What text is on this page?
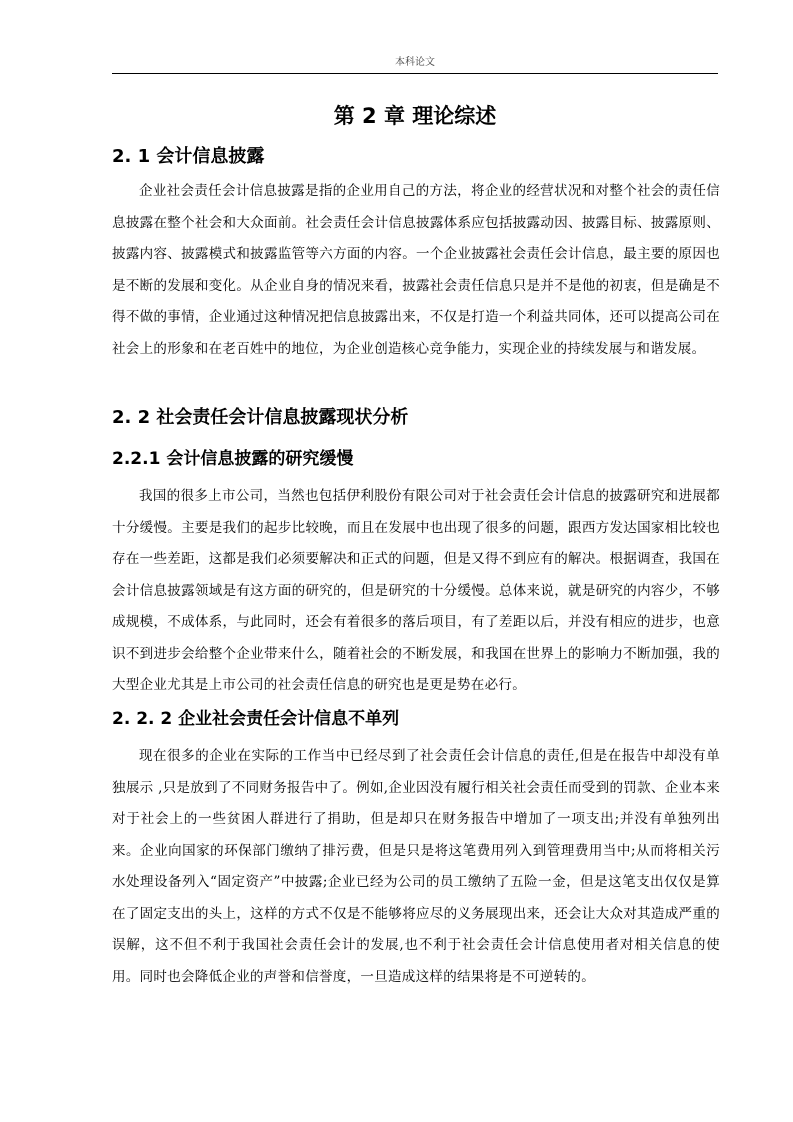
本科论文
第 2 章 理论综述
2. 1 会计信息披露

企业社会责任会计信息披露是指的企业用自己的方法，将企业的经营状况和对整个社会的责任信息披露在整个社会和大众面前。社会责任会计信息披露体系应包括披露动因、披露目标、披露原则、披露内容、披露模式和披露监管等六方面的内容。一个企业披露社会责任会计信息，最主要的原因也是不断的发展和变化。从企业自身的情况来看，披露社会责任信息只是并不是他的初衷，但是确是不得不做的事情，企业通过这种情况把信息披露出来，不仅是打造一个利益共同体，还可以提高公司在社会上的形象和在老百姓中的地位，为企业创造核心竞争能力，实现企业的持续发展与和谐发展。

2. 2 社会责任会计信息披露现状分析
2.2.1 会计信息披露的研究缓慢

我国的很多上市公司，当然也包括伊利股份有限公司对于社会责任会计信息的披露研究和进展都十分缓慢。主要是我们的起步比较晚，而且在发展中也出现了很多的问题，跟西方发达国家相比较也存在一些差距，这都是我们必须要解决和正式的问题，但是又得不到应有的解决。根据调查，我国在会计信息披露领域是有这方面的研究的，但是研究的十分缓慢。总体来说，就是研究的内容少，不够成规模，不成体系，与此同时，还会有着很多的落后项目，有了差距以后，并没有相应的进步，也意识不到进步会给整个企业带来什么，随着社会的不断发展，和我国在世界上的影响力不断加强，我的大型企业尤其是上市公司的社会责任信息的研究也是更是势在必行。

2. 2. 2 企业社会责任会计信息不单列

现在很多的企业在实际的工作当中已经尽到了社会责任会计信息的责任,但是在报告中却没有单独展示 ,只是放到了不同财务报告中了。例如,企业因没有履行相关社会责任而受到的罚款、企业本来对于社会上的一些贫困人群进行了捐助，但是却只在财务报告中增加了一项支出;并没有单独列出来。企业向国家的环保部门缴纳了排污费，但是只是将这笔费用列入到管理费用当中;从而将相关污水处理设备列入“固定资产”中披露;企业已经为公司的员工缴纳了五险一金，但是这笔支出仅仅是算在了固定支出的头上，这样的方式不仅是不能够将应尽的义务展现出来，还会让大众对其造成严重的误解，这不但不利于我国社会责任会计的发展,也不利于社会责任会计信息使用者对相关信息的使用。同时也会降低企业的声誉和信誉度，一旦造成这样的结果将是不可逆转的。
